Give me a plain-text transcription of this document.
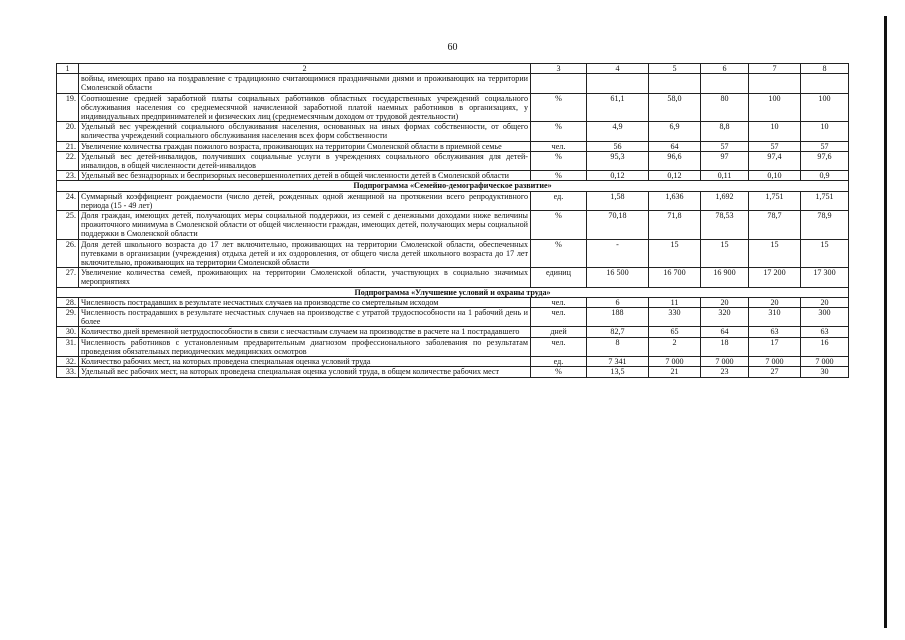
60
1	2	3	4	5	6	7	8
	войны, имеющих право на поздравление с традиционно считающимися праздничными днями и проживающих на территории Смоленской области						
19.	Соотношение средней заработной платы социальных работников областных государственных учреждений социального обслуживания населения со среднемесячной начисленной заработной платой наемных работников в организациях, у индивидуальных предпринимателей и физических лиц (среднемесячным доходом от трудовой деятельности)	%	61,1	58,0	80	100	100
20.	Удельный вес учреждений социального обслуживания населения, основанных на иных формах собственности, от общего количества учреждений социального обслуживания населения всех форм собственности	%	4,9	6,9	8,8	10	10
21.	Увеличение количества граждан пожилого возраста, проживающих на территории Смоленской области в приемной семье	чел.	56	64	57	57	57
22.	Удельный вес детей-инвалидов, получивших социальные услуги в учреждениях социального обслуживания для детей-инвалидов, в общей численности детей-инвалидов	%	95,3	96,6	97	97,4	97,6
23.	Удельный вес безнадзорных и беспризорных несовершеннолетних детей в общей численности детей в Смоленской области	%	0,12	0,12	0,11	0,10	0,9
Подпрограмма «Семейно-демографическое развитие»							
24.	Суммарный коэффициент рождаемости (число детей, рожденных одной женщиной на протяжении всего репродуктивного периода (15 - 49 лет)	ед.	1,58	1,636	1,692	1,751	1,751
25.	Доля граждан, имеющих детей, получающих меры социальной поддержки, из семей с денежными доходами ниже величины прожиточного минимума в Смоленской области от общей численности граждан, имеющих детей, получающих меры социальной поддержки в Смоленской области	%	70,18	71,8	78,53	78,7	78,9
26.	Доля детей школьного возраста до 17 лет включительно, проживающих на территории Смоленской области, обеспеченных путевками в организации (учреждения) отдыха детей и их оздоровления, от общего числа детей школьного возраста до 17 лет включительно, проживающих на территории Смоленской области	%	-	15	15	15	15
27.	Увеличение количества семей, проживающих на территории Смоленской области, участвующих в социально значимых мероприятиях	единиц	16 500	16 700	16 900	17 200	17 300
Подпрограмма «Улучшение условий и охраны труда»							
28.	Численность пострадавших в результате несчастных случаев на производстве со смертельным исходом	чел.	6	11	20	20	20
29.	Численность пострадавших в результате несчастных случаев на производстве с утратой трудоспособности на 1 рабочий день и более	чел.	188	330	320	310	300
30.	Количество дней временной нетрудоспособности в связи с несчастным случаем на производстве в расчете на 1 пострадавшего	дней	82,7	65	64	63	63
31.	Численность работников с установленным предварительным диагнозом профессионального заболевания по результатам проведения обязательных периодических медицинских осмотров	чел.	8	2	18	17	16
32.	Количество рабочих мест, на которых проведена специальная оценка условий труда	ед.	7 341	7 000	7 000	7 000	7 000
33.	Удельный вес рабочих мест, на которых проведена специальная оценка условий труда, в общем количестве рабочих мест	%	13,5	21	23	27	30
